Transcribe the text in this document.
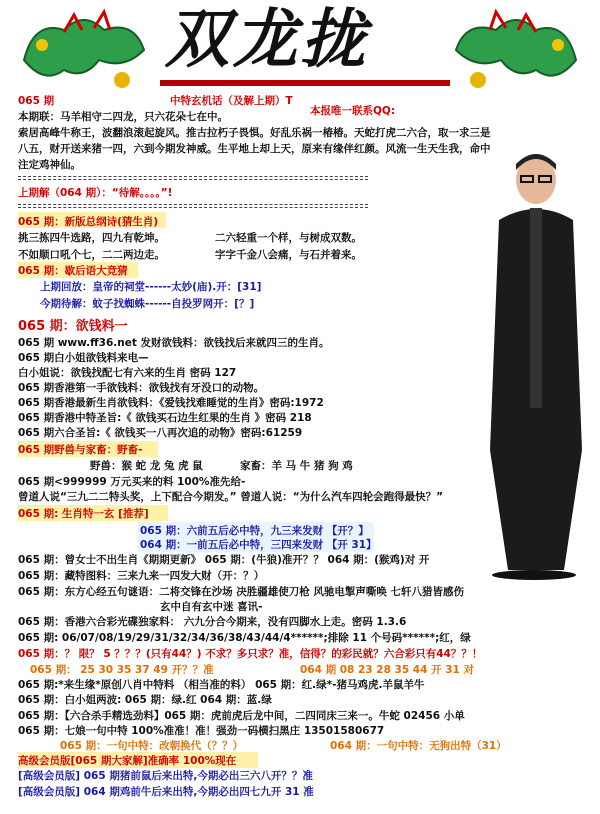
双龙拢
065 期	中特玄机话（及解上期）T
本报唯一联系QQ:
本期联：马羊相守二四龙，只六花朵七在中。
索居高峰牛称王，波翻浪滚起旋风。推古拉朽子畏惧。好乱乐祸一椿椿。天蛇打虎二六合，取一求三是
八五，财开送来猪一四，六到今期发神威。生平地上却上天，原来有缘伴红颜。风流一生天生我，命中
注定鸡神仙。
上期解（064 期）：“待解。。。。”!
065 期：新版总纲诗(猜生肖)
挑三拣四牛选路，四九有乾坤。	二六轻重一个样，与树成双数。
不如顺口吼个七，二二两边走。	字字千金八会痛，与石并着来。
065 期：歇后语大竞猜
上期回放：皇帝的祠堂------太妙(庙).开：[31]
今期待解：蚊子找蜘蛛------自投罗网开：[？]
065 期：欲钱料一
065 期 www.ff36.net 发财欲钱料：欲钱找后来就四三的生肖。
065 期白小姐欲钱料来电—
白小姐说：欲钱找配七有六来的生肖 密码 127
065 期香港第一手欲钱料：欲钱找有牙没口的动物。
065 期香港最新生肖欲钱料：《爱钱找难睡觉的生肖》密码:1972
065 期香港中特圣旨:《 欲钱买石边生红果的生肖 》密码 218
065 期六合圣旨:《 欲钱买一八再次追的动物》密码:61259
065 期野兽与家畜：野畜-
野兽：猴 蛇 龙 兔 虎 鼠	家畜：羊 马 牛 猪 狗 鸡
065 期<999999 万元买来的料 100%准先给-
曾道人说“三九二二特头奖，上下配合今期发。” 曾道人说：“为什么汽车四轮会跑得最快？”
065 期: 生肖特一玄 [推荐]
065 期：六前五后必中特，九三来发财 【开？】
064 期：一前五后必中特，三四来发财 【开 31】
065 期：曾女士不出生肖《期期更新》 065 期：(牛狼)准开？？ 064 期：(猴鸡)对 开
065 期：藏特图料：三来九来一四发大财（开：？）
065 期：东方心经五句谜语：二将交锋在沙场 决胜疆雄使刀枪 风驰电掣声嘶唤 七轩八猎皆感伤
玄中自有玄中迷 喜讯-
065 期：香港六合彩光碟独家料： 六九分合今期来，没有四脚水上走。密码 1.3.6
065 期: 06/07/08/19/29/31/32/34/36/38/43/44/4******;排除 11 个号码******;红，绿
065 期：？ 限？ 5 ？？？(只有44？) 不求？多只求？准，信得？的彩民就？六合彩只有44？？！
065 期： 25 30 35 37 49 开？？准	064 期 08 23 28 35 44 开 31 对
065 期:*来生缘*原创八肖中特料 （相当准的料） 065 期：红.绿*-猪马鸡虎.羊鼠羊牛
065 期：白小姐两波: 065 期：绿.红 064 期：蓝.绿
065 期：【六合杀手精选劲料】065 期：虎前虎后龙中间，二四同床三来一。牛蛇 02456 小单
065 期：七娘一句中特 100%准准！准！强劲一码横扫黑庄 13501580677
065 期：一句中特：改朝换代（？？）	064 期：一句中特：无狗出特（31）
高级会员版[065 期大家解]准确率 100%现在
[高级会员版] 065 期猪前鼠后来出特,今期必出三六八开？？准
[高级会员版] 064 期鸡前牛后来出特,今期必出四七九开 31 准
